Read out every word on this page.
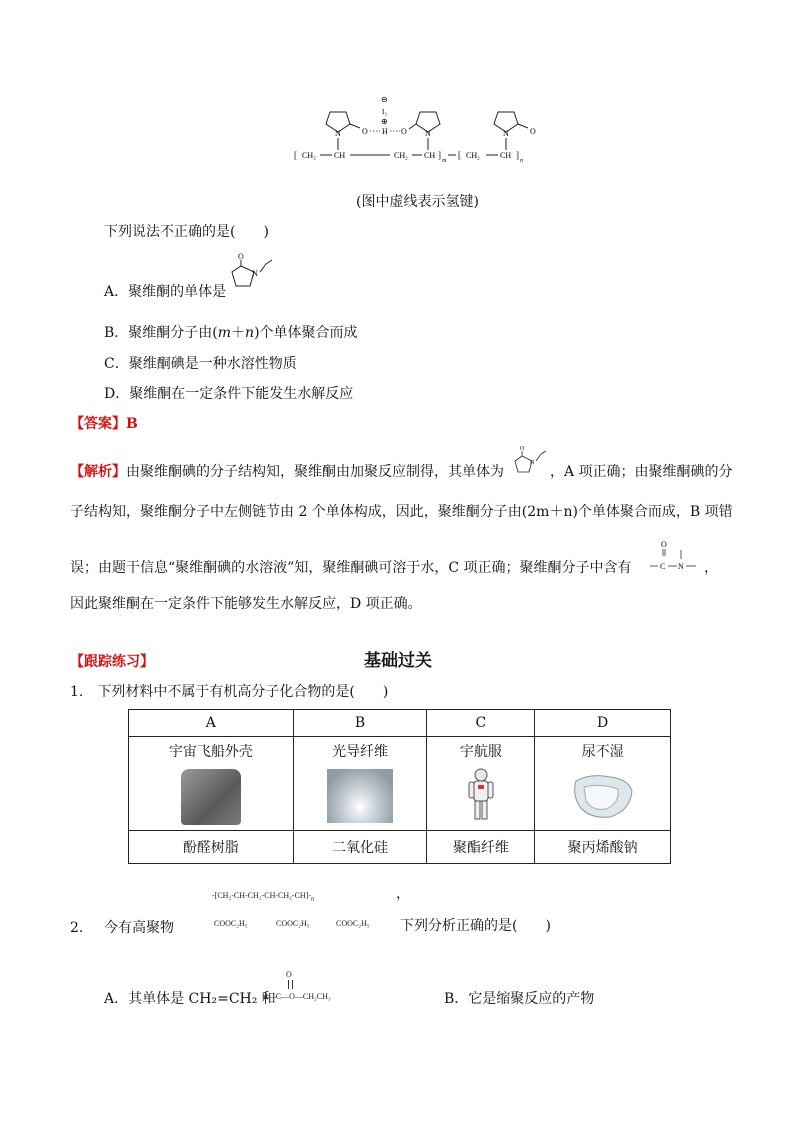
N	O H O
⊖
I₃
⊕
N	N	O
[ CH₂ CH	CH₂ CH ]
m
[ CH₂	CH ]
n
(图中虚线表示氢键)
下列说法不正确的是(　　)
A．聚维酮的单体是
O
N
B．聚维酮分子由(m＋n)个单体聚合而成
C．聚维酮碘是一种水溶性物质
D．聚维酮在一定条件下能发生水解反应
【答案】B
【解析】由聚维酮碘的分子结构知，聚维酮由加聚反应制得，其单体为
O
N
，A 项正确；由聚维酮碘的分
子结构知，聚维酮分子中左侧链节由 2 个单体构成，因此，聚维酮分子由(2m＋n)个单体聚合而成，B 项错
误；由题干信息“聚维酮碘的水溶液”知，聚维酮碘可溶于水，C 项正确；聚维酮分子中含有
O
C N ，
因此聚维酮在一定条件下能够发生水解反应，D 项正确。
【跟踪练习】	基础过关
1.　下列材料中不属于有机高分子化合物的是(　　)
A	B	C	D

宇宙飞船外壳	光导纤维	宇航服	尿不湿

酚醛树脂	二氧化硅	聚酯纤维	聚丙烯酸钠
$-[CH_2-CH-CH_2-CH-CH_2-CH]-_n$	，
COOC₂H₅	COOC₂H₅	COOC₂H₅
2. 今有高聚物	下列分析正确的是(　　)
A．其单体是 CH₂=CH₂ 和
O
H—C—O—CH₂CH₃	B．它是缩聚反应的产物
